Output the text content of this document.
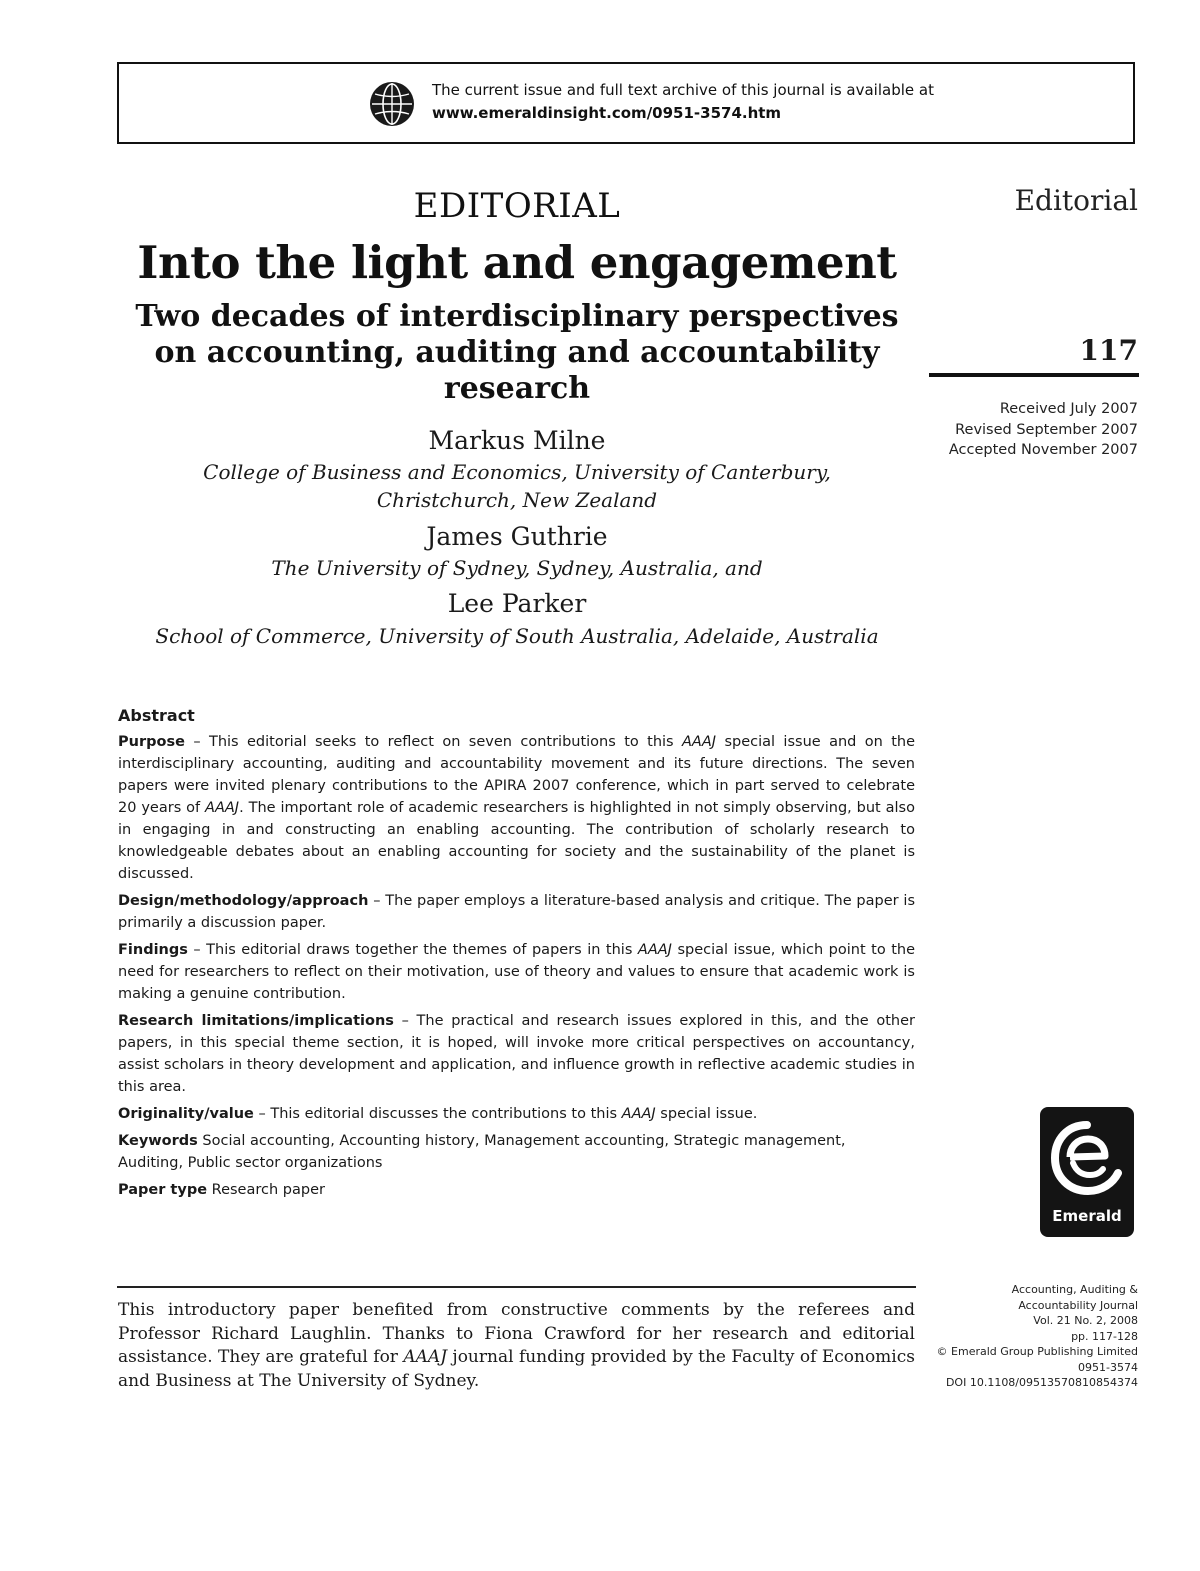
The current issue and full text archive of this journal is available at
www.emeraldinsight.com/0951-3574.htm
Editorial
117
Received July 2007
Revised September 2007
Accepted November 2007
EDITORIAL
Into the light and engagement
Two decades of interdisciplinary perspectives
on accounting, auditing and accountability
research
Markus Milne
College of Business and Economics, University of Canterbury,
Christchurch, New Zealand
James Guthrie
The University of Sydney, Sydney, Australia, and
Lee Parker
School of Commerce, University of South Australia, Adelaide, Australia
Abstract

Purpose – This editorial seeks to reflect on seven contributions to this AAAJ special issue and on the interdisciplinary accounting, auditing and accountability movement and its future directions. The seven papers were invited plenary contributions to the APIRA 2007 conference, which in part served to celebrate 20 years of AAAJ. The important role of academic researchers is highlighted in not simply observing, but also in engaging in and constructing an enabling accounting. The contribution of scholarly research to knowledgeable debates about an enabling accounting for society and the sustainability of the planet is discussed.

Design/methodology/approach – The paper employs a literature-based analysis and critique. The paper is primarily a discussion paper.

Findings – This editorial draws together the themes of papers in this AAAJ special issue, which point to the need for researchers to reflect on their motivation, use of theory and values to ensure that academic work is making a genuine contribution.

Research limitations/implications – The practical and research issues explored in this, and the other papers, in this special theme section, it is hoped, will invoke more critical perspectives on accountancy, assist scholars in theory development and application, and influence growth in reflective academic studies in this area.

Originality/value – This editorial discusses the contributions to this AAAJ special issue.

Keywords Social accounting, Accounting history, Management accounting, Strategic management, Auditing, Public sector organizations

Paper type Research paper

Emerald
This introductory paper benefited from constructive comments by the referees and Professor Richard Laughlin. Thanks to Fiona Crawford for her research and editorial assistance. They are grateful for AAAJ journal funding provided by the Faculty of Economics and Business at The University of Sydney.
Accounting, Auditing &
Accountability Journal
Vol. 21 No. 2, 2008
pp. 117-128
© Emerald Group Publishing Limited
0951-3574
DOI 10.1108/09513570810854374
